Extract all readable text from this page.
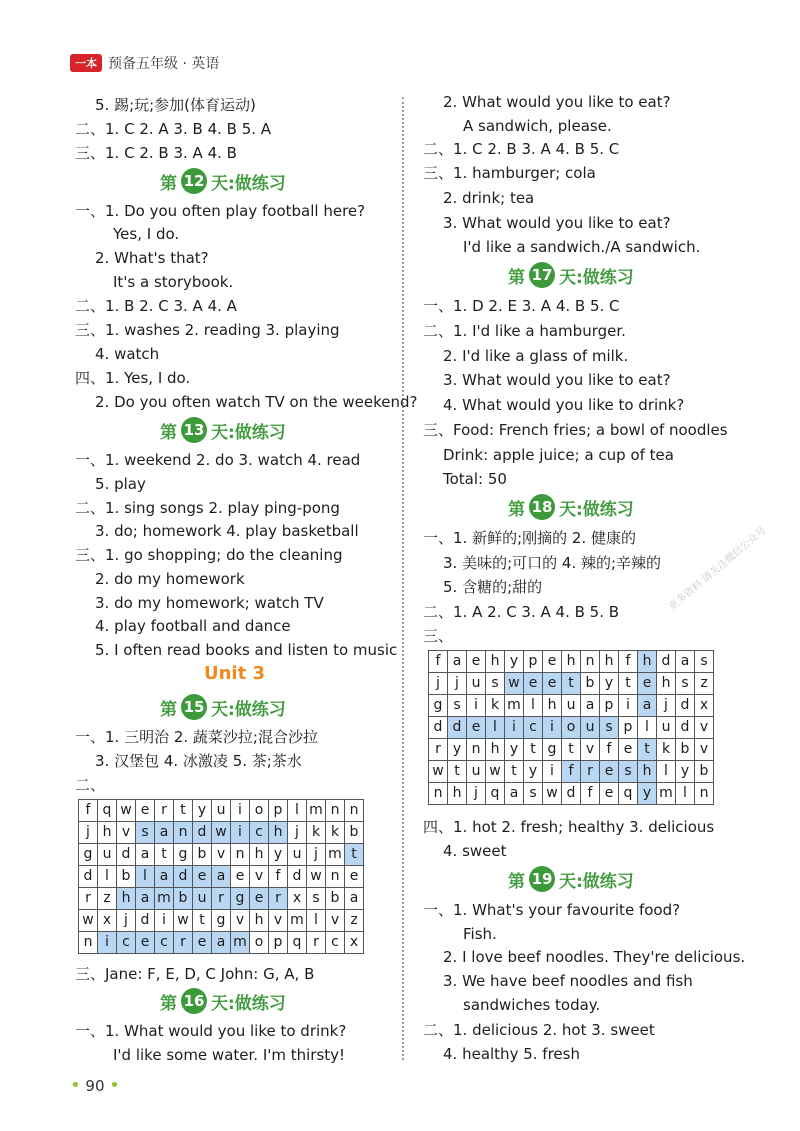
一本 预备五年级 · 英语
5. 踢;玩;参加(体育运动)
二、1. C 2. A 3. B 4. B 5. A
三、1. C 2. B 3. A 4. B
一、1. Do you often play football here?
Yes, I do.
2. What's that?
It's a storybook.
二、1. B 2. C 3. A 4. A
三、1. washes 2. reading 3. playing
4. watch
四、1. Yes, I do.
2. Do you often watch TV on the weekend?
一、1. weekend 2. do 3. watch 4. read
5. play
二、1. sing songs 2. play ping-pong
3. do; homework 4. play basketball
三、1. go shopping; do the cleaning
2. do my homework
3. do my homework; watch TV
4. play football and dance
5. I often read books and listen to music
一、1. 三明治 2. 蔬菜沙拉;混合沙拉
3. 汉堡包 4. 冰激凌 5. 茶;茶水
二、
三、Jane: F, E, D, C John: G, A, B
一、1. What would you like to drink?
I'd like some water. I'm thirsty!
2. What would you like to eat?
A sandwich, please.
二、1. C 2. B 3. A 4. B 5. C
三、1. hamburger; cola
2. drink; tea
3. What would you like to eat?
I'd like a sandwich./A sandwich.
一、1. D 2. E 3. A 4. B 5. C
二、1. I'd like a hamburger.
2. I'd like a glass of milk.
3. What would you like to eat?
4. What would you like to drink?
三、Food: French fries; a bowl of noodles
Drink: apple juice; a cup of tea
Total: 50
一、1. 新鲜的;刚摘的 2. 健康的
3. 美味的;可口的 4. 辣的;辛辣的
5. 含糖的;甜的
二、1. A 2. C 3. A 4. B 5. B
三、
四、1. hot 2. fresh; healthy 3. delicious
4. sweet
一、1. What's your favourite food?
Fish.
2. I love beef noodles. They're delicious.
3. We have beef noodles and fish
sandwiches today.
二、1. delicious 2. hot 3. sweet
4. healthy 5. fresh
第 12 天:做练习
第 13 天:做练习
第 15 天:做练习
第 16 天:做练习
第 17 天:做练习
第 18 天:做练习
第 19 天:做练习
Unit 3
f	q	w	e	r	t	y	u	i	o	p	l	m	n	n
j	h	v	s	a	n	d	w	i	c	h	j	k	k	b
g	u	d	a	t	g	b	v	n	h	y	u	j	m	t
d	l	b	l	a	d	e	a	e	v	f	d	w	n	e
r	z	h	a	m	b	u	r	g	e	r	x	s	b	a
w	x	j	d	i	w	t	g	v	h	v	m	l	v	z
n	i	c	e	c	r	e	a	m	o	p	q	r	c	x
f	a	e	h	y	p	e	h	n	h	f	h	d	a	s
j	j	u	s	w	e	e	t	b	y	t	e	h	s	z
g	s	i	k	m	l	h	u	a	p	i	a	j	d	x
d	d	e	l	i	c	i	o	u	s	p	l	u	d	v
r	y	n	h	y	t	g	t	v	f	e	t	k	b	v
w	t	u	w	t	y	i	f	r	e	s	h	l	y	b
n	h	j	q	a	s	w	d	f	e	q	y	m	l	n
更多资料 请关注微信公众号
• 90 •
